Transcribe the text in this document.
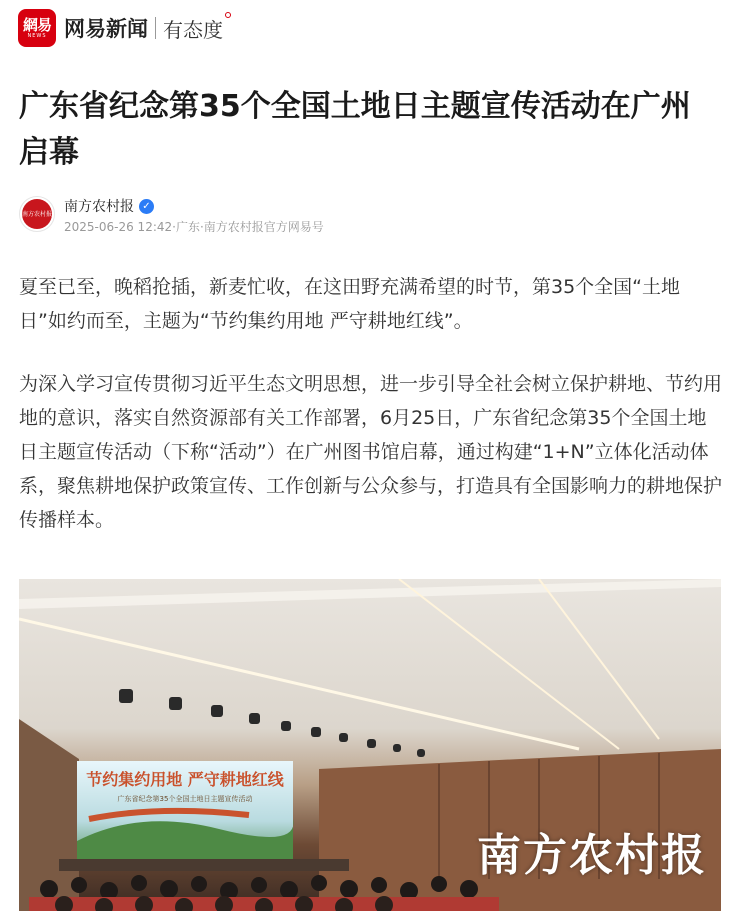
網易
NEWS 网易新闻 有态度
广东省纪念第35个全国土地日主题宣传活动在广州启幕
南方农村报 南方农村报 ✓
2025-06-26 12:42·广东·南方农村报官方网易号

夏至已至，晚稻抢插，新麦忙收，在这田野充满希望的时节，第35个全国“土地日”如约而至，主题为“节约集约用地 严守耕地红线”。

为深入学习宣传贯彻习近平生态文明思想，进一步引导全社会树立保护耕地、节约用地的意识，落实自然资源部有关工作部署，6月25日，广东省纪念第35个全国土地日主题宣传活动（下称“活动”）在广州图书馆启幕，通过构建“1+N”立体化活动体系，聚焦耕地保护政策宣传、工作创新与公众参与，打造具有全国影响力的耕地保护传播样本。

节约集约用地 严守耕地红线
广东省纪念第35个全国土地日主题宣传活动
南方农村报
